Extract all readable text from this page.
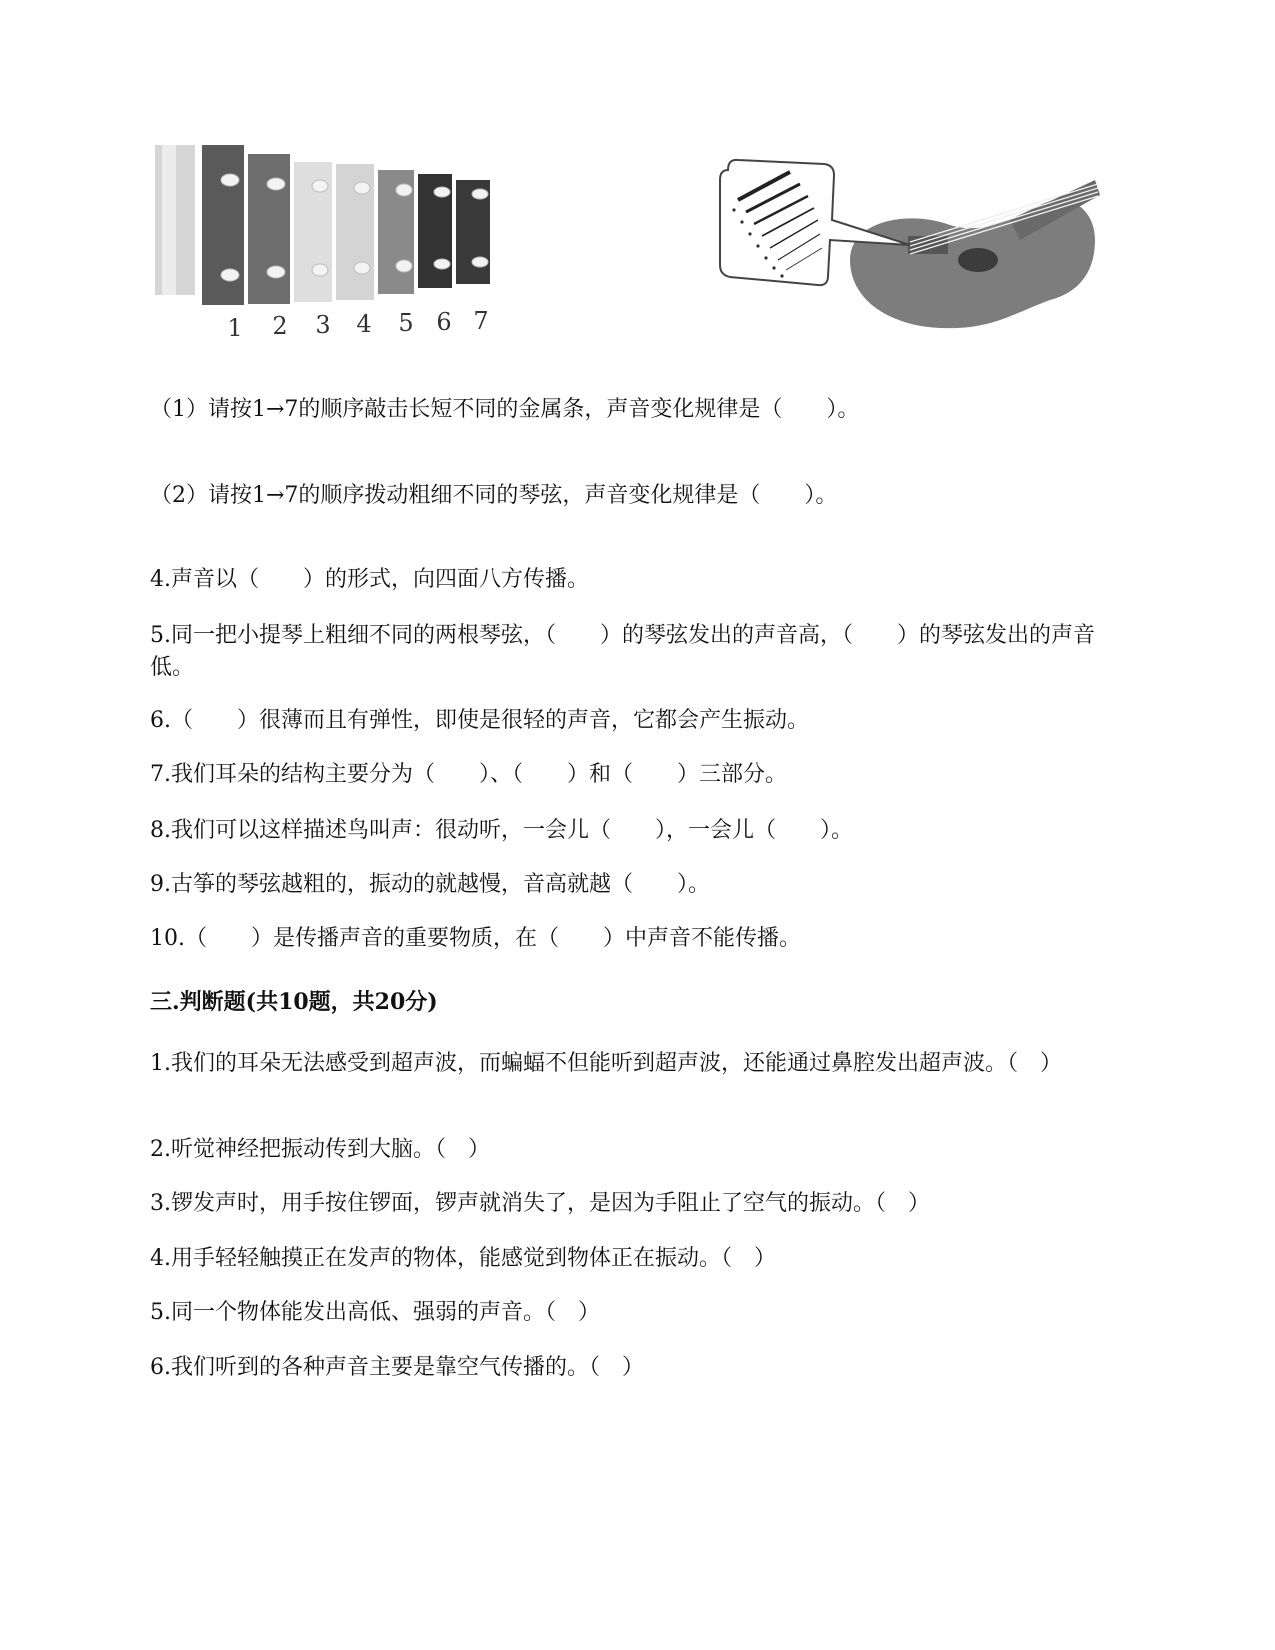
1 2 3 4 5 6 7
（1）请按1→7的顺序敲击长短不同的金属条，声音变化规律是（　　）。
（2）请按1→7的顺序拨动粗细不同的琴弦，声音变化规律是（　　）。
4.声音以（　　）的形式，向四面八方传播。
5.同一把小提琴上粗细不同的两根琴弦，（　　）的琴弦发出的声音高，（　　）的琴弦发出的声音低。
6.（　　）很薄而且有弹性，即使是很轻的声音，它都会产生振动。
7.我们耳朵的结构主要分为（　　）、（　　）和（　　）三部分。
8.我们可以这样描述鸟叫声：很动听，一会儿（　　），一会儿（　　）。
9.古筝的琴弦越粗的，振动的就越慢，音高就越（　　）。
10.（　　）是传播声音的重要物质，在（　　）中声音不能传播。
三.判断题(共10题，共20分)
1.我们的耳朵无法感受到超声波，而蝙蝠不但能听到超声波，还能通过鼻腔发出超声波。（　）
2.听觉神经把振动传到大脑。（　）
3.锣发声时，用手按住锣面，锣声就消失了，是因为手阻止了空气的振动。（　）
4.用手轻轻触摸正在发声的物体，能感觉到物体正在振动。（　）
5.同一个物体能发出高低、强弱的声音。（　）
6.我们听到的各种声音主要是靠空气传播的。（　）
